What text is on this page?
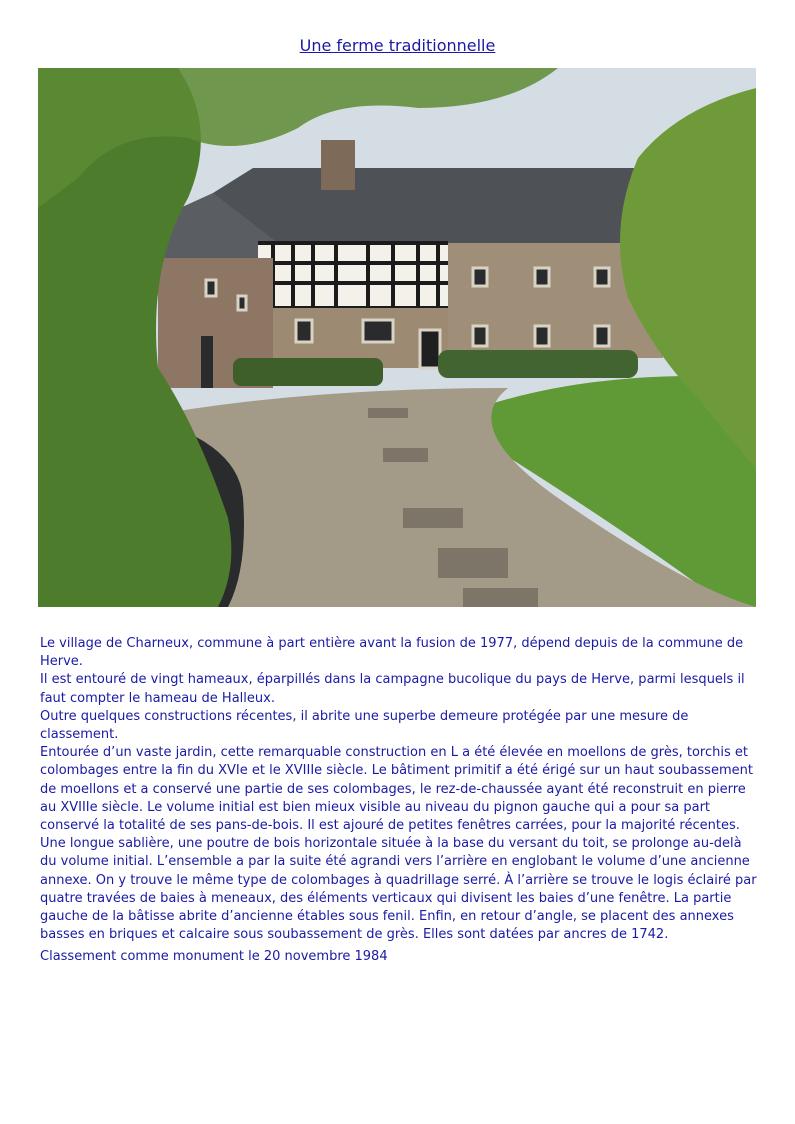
Une ferme traditionnelle

Le village de Charneux, commune à part entière avant la fusion de 1977, dépend depuis de la commune de Herve.

Il est entouré de vingt hameaux, éparpillés dans la campagne bucolique du pays de Herve, parmi lesquels il faut compter le hameau de Halleux.

Outre quelques constructions récentes, il abrite une superbe demeure protégée par une mesure de classement.

Entourée d’un vaste jardin, cette remarquable construction en L a été élevée en moellons de grès, torchis et colombages entre la fin du XVIe et le XVIIIe siècle. Le bâtiment primitif a été érigé sur un haut soubassement de moellons et a conservé une partie de ses colombages, le rez-de-chaussée ayant été reconstruit en pierre au XVIIIe siècle. Le volume initial est bien mieux visible au niveau du pignon gauche qui a pour sa part conservé la totalité de ses pans-de-bois. Il est ajouré de petites fenêtres carrées, pour la majorité récentes. Une longue sablière, une poutre de bois horizontale située à la base du versant du toit, se prolonge au-delà du volume initial. L’ensemble a par la suite été agrandi vers l’arrière en englobant le volume d’une ancienne annexe. On y trouve le même type de colombages à quadrillage serré. À l’arrière se trouve le logis éclairé par quatre travées de baies à meneaux, des éléments verticaux qui divisent les baies d’une fenêtre. La partie gauche de la bâtisse abrite d’ancienne étables sous fenil. Enfin, en retour d’angle, se placent des annexes basses en briques et calcaire sous soubassement de grès. Elles sont datées par ancres de 1742.

Classement comme monument le 20 novembre 1984
